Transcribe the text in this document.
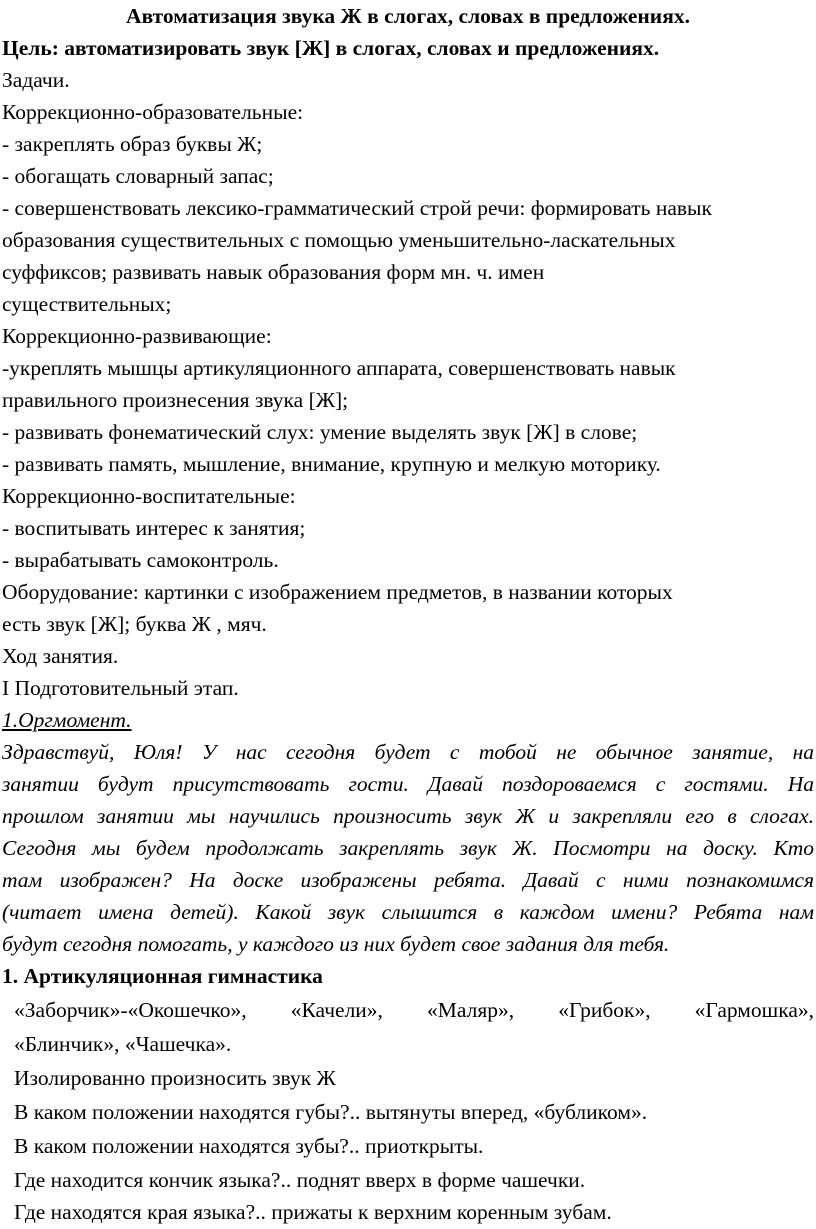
Автоматизация звука Ж в слогах, словах в предложениях.
Цель: автоматизировать звук [Ж] в слогах, словах и предложениях.
Задачи.
Коррекционно-образовательные:
- закреплять образ буквы Ж;
- обогащать словарный запас;
- совершенствовать лексико-грамматический строй речи: формировать навык
образования существительных с помощью уменьшительно-ласкательных
суффиксов; развивать навык образования форм мн. ч. имен
существительных;
Коррекционно-развивающие:
-укреплять мышцы артикуляционного аппарата, совершенствовать навык
правильного произнесения звука [Ж];
- развивать фонематический слух: умение выделять звук [Ж] в слове;
- развивать память, мышление, внимание, крупную и мелкую моторику.
Коррекционно-воспитательные:
- воспитывать интерес к занятия;
- вырабатывать самоконтроль.
Оборудование: картинки с изображением предметов, в названии которых
есть звук [Ж]; буква Ж , мяч.
Ход занятия.
I Подготовительный этап.
1.Оргмомент.
Здравствуй, Юля! У нас сегодня будет с тобой не обычное занятие, на
занятии будут присутствовать гости. Давай поздороваемся с гостями. На
прошлом занятии мы научились произносить звук Ж и закрепляли его в слогах.
Сегодня мы будем продолжать закреплять звук Ж. Посмотри на доску. Кто
там изображен? На доске изображены ребята. Давай с ними познакомимся
(читает имена детей). Какой звук слышится в каждом имени? Ребята нам
будут сегодня помогать, у каждого из них будет свое задания для тебя.
1. Артикуляционная гимнастика
«Заборчик»-«Окошечко», «Качели», «Маляр», «Грибок», «Гармошка»,
«Блинчик», «Чашечка».
Изолированно произносить звук Ж
В каком положении находятся губы?.. вытянуты вперед, «бубликом».
В каком положении находятся зубы?.. приоткрыты.
Где находится кончик языка?.. поднят вверх в форме чашечки.
Где находятся края языка?.. прижаты к верхним коренным зубам.
